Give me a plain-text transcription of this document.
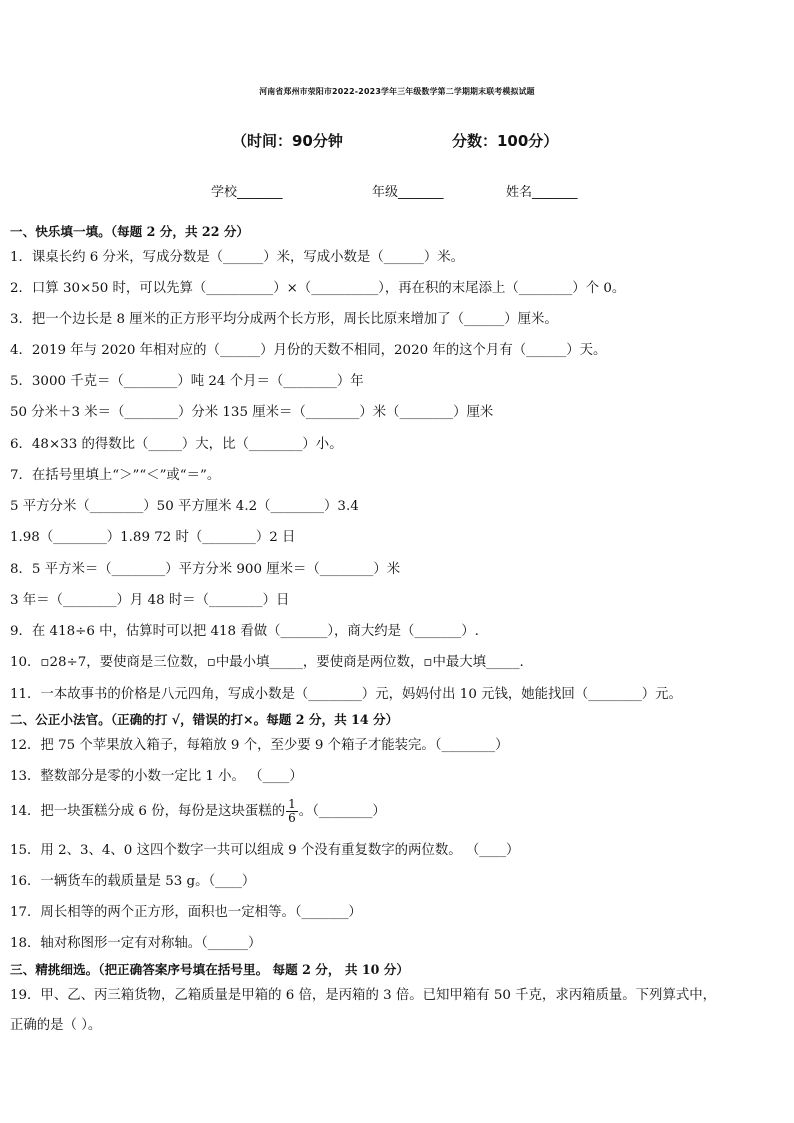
河南省郑州市荥阳市2022-2023学年三年级数学第二学期期末联考模拟试题
（时间：90分钟	分数：100分）
学校_______	年级_______	姓名_______
一、快乐填一填。（每题 2 分，共 22 分）
1．课桌长约 6 分米，写成分数是（______）米，写成小数是（______）米。
2．口算 30×50 时，可以先算（__________）×（__________），再在积的末尾添上（________）个 0。
3．把一个边长是 8 厘米的正方形平均分成两个长方形，周长比原来增加了（______）厘米。
4．2019 年与 2020 年相对应的（______）月份的天数不相同，2020 年的这个月有（______）天。
5．3000 千克＝（________）吨 24 个月＝（________）年
50 分米＋3 米＝（________）分米 135 厘米＝（________）米（________）厘米
6．48×33 的得数比（_____）大，比（________）小。
7．在括号里填上“＞”“＜”或“＝”。
5 平方分米（________）50 平方厘米 4.2（________）3.4
1.98（________）1.89 72 时（________）2 日
8．5 平方米＝（________）平方分米 900 厘米＝（________）米
3 年＝（________）月 48 时＝（________）日
9．在 418÷6 中，估算时可以把 418 看做（_______），商大约是（_______）.
10．▫28÷7，要使商是三位数，▫中最小填_____，要使商是两位数，▫中最大填_____.
11．一本故事书的价格是八元四角，写成小数是（________）元，妈妈付出 10 元钱，她能找回（________）元。
二、公正小法官。（正确的打 √，错误的打×。每题 2 分，共 14 分）
12．把 75 个苹果放入箱子，每箱放 9 个，至少要 9 个箱子才能装完。（________）
13．整数部分是零的小数一定比 1 小。 （____）
14．把一块蛋糕分成 6 份，每份是这块蛋糕的 $\frac{1}{6}$ 。（________）
15．用 2、3、4、0 这四个数字一共可以组成 9 个没有重复数字的两位数。 （____）
16．一辆货车的载质量是 53 g。（____）
17．周长相等的两个正方形，面积也一定相等。（_______）
18．轴对称图形一定有对称轴。（______）
三、精挑细选。（把正确答案序号填在括号里。 每题 2 分， 共 10 分）
19．甲、乙、丙三箱货物，乙箱质量是甲箱的 6 倍，是丙箱的 3 倍。已知甲箱有 50 千克，求丙箱质量。下列算式中，
正确的是（ ）。
